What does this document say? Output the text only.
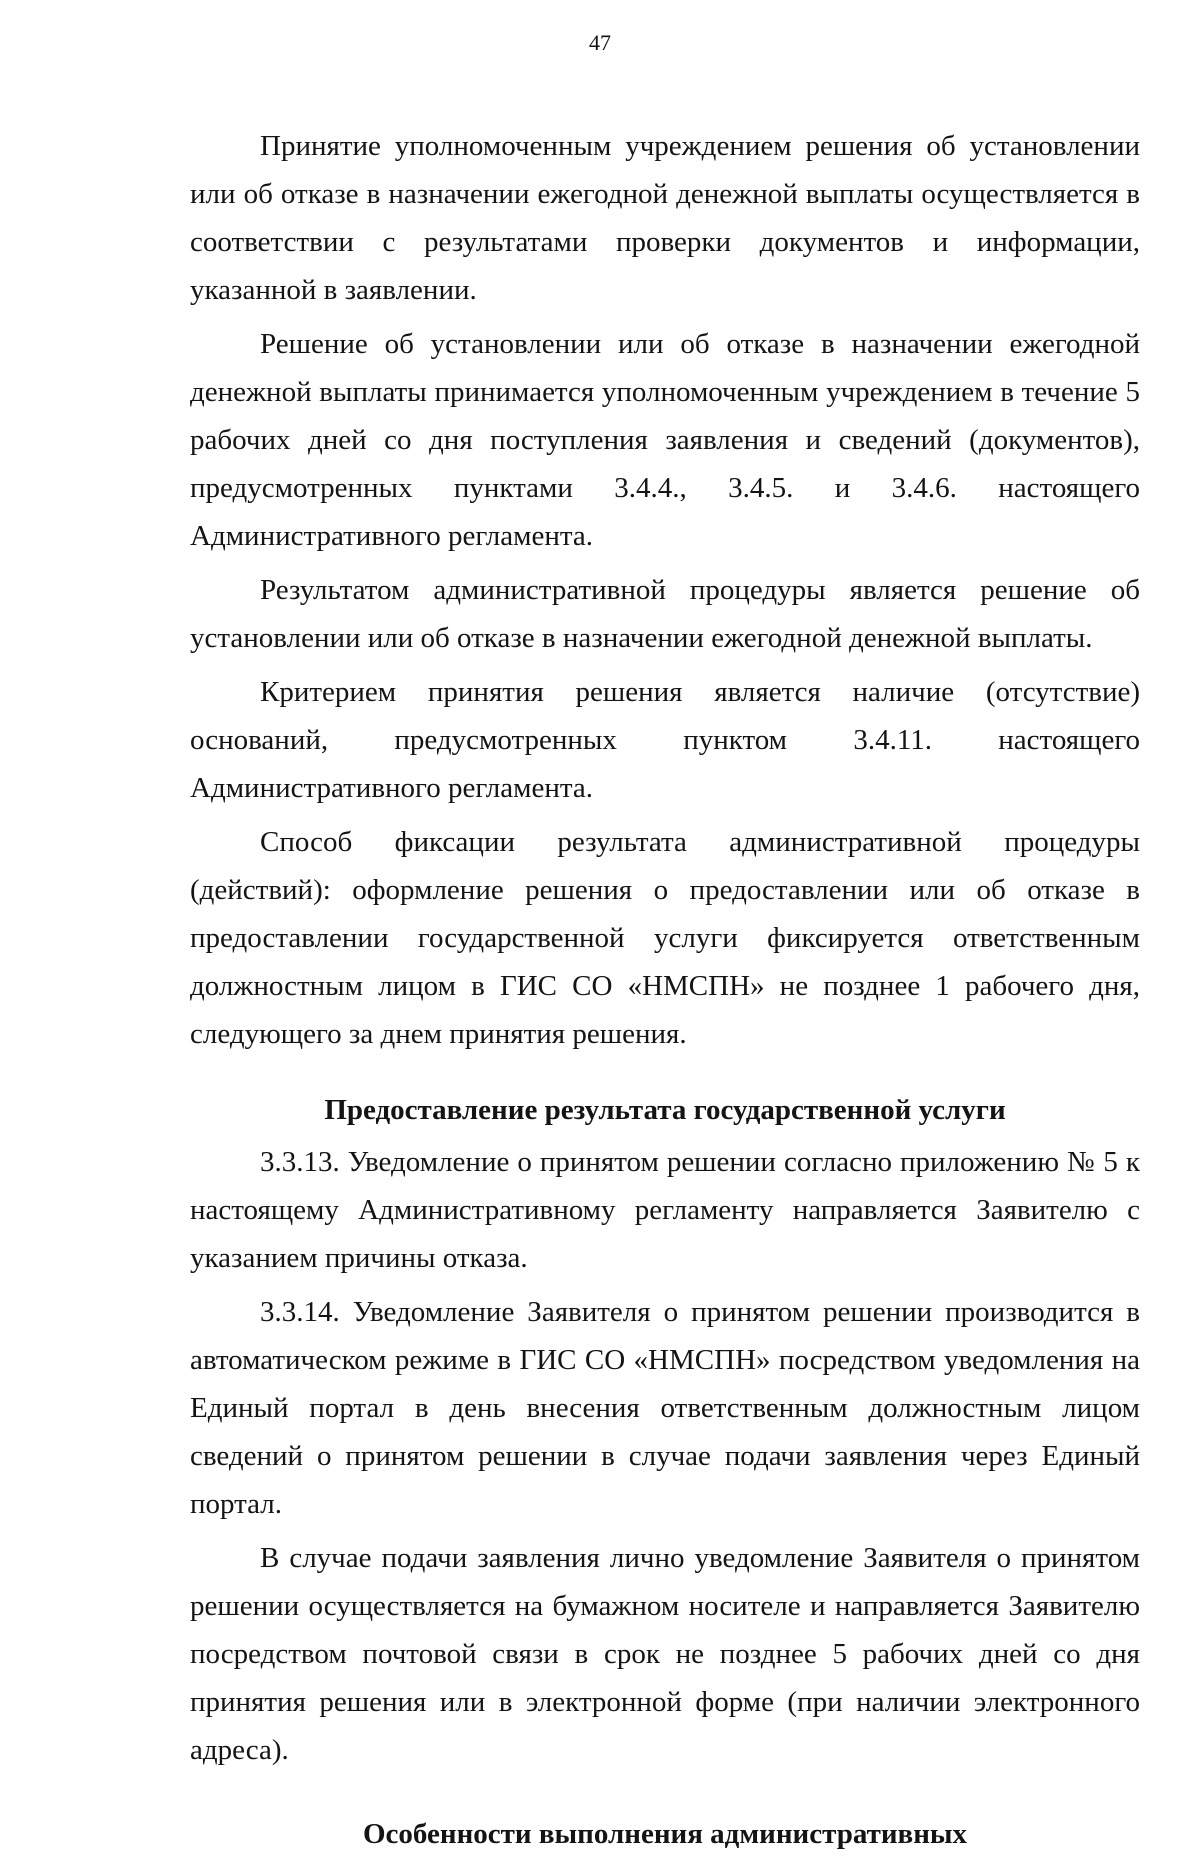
47

Принятие уполномоченным учреждением решения об установлении или об отказе в назначении ежегодной денежной выплаты осуществляется в соответствии с результатами проверки документов и информации, указанной в заявлении.

Решение об установлении или об отказе в назначении ежегодной денежной выплаты принимается уполномоченным учреждением в течение 5 рабочих дней со дня поступления заявления и сведений (документов), предусмотренных пунктами 3.4.4., 3.4.5. и 3.4.6. настоящего Административного регламента.

Результатом административной процедуры является решение об установлении или об отказе в назначении ежегодной денежной выплаты.

Критерием принятия решения является наличие (отсутствие) оснований, предусмотренных пунктом 3.4.11. настоящего Административного регламента.

Способ фиксации результата административной процедуры (действий): оформление решения о предоставлении или об отказе в предоставлении государственной услуги фиксируется ответственным должностным лицом в ГИС СО «НМСПН» не позднее 1 рабочего дня, следующего за днем принятия решения.

Предоставление результата государственной услуги

3.3.13. Уведомление о принятом решении согласно приложению № 5 к настоящему Административному регламенту направляется Заявителю с указанием причины отказа.

3.3.14. Уведомление Заявителя о принятом решении производится в автоматическом режиме в ГИС СО «НМСПН» посредством уведомления на Единый портал в день внесения ответственным должностным лицом сведений о принятом решении в случае подачи заявления через Единый портал.

В случае подачи заявления лично уведомление Заявителя о принятом решении осуществляется на бумажном носителе и направляется Заявителю посредством почтовой связи в срок не позднее 5 рабочих дней со дня принятия решения или в электронной форме (при наличии электронного адреса).

Особенности выполнения административных
